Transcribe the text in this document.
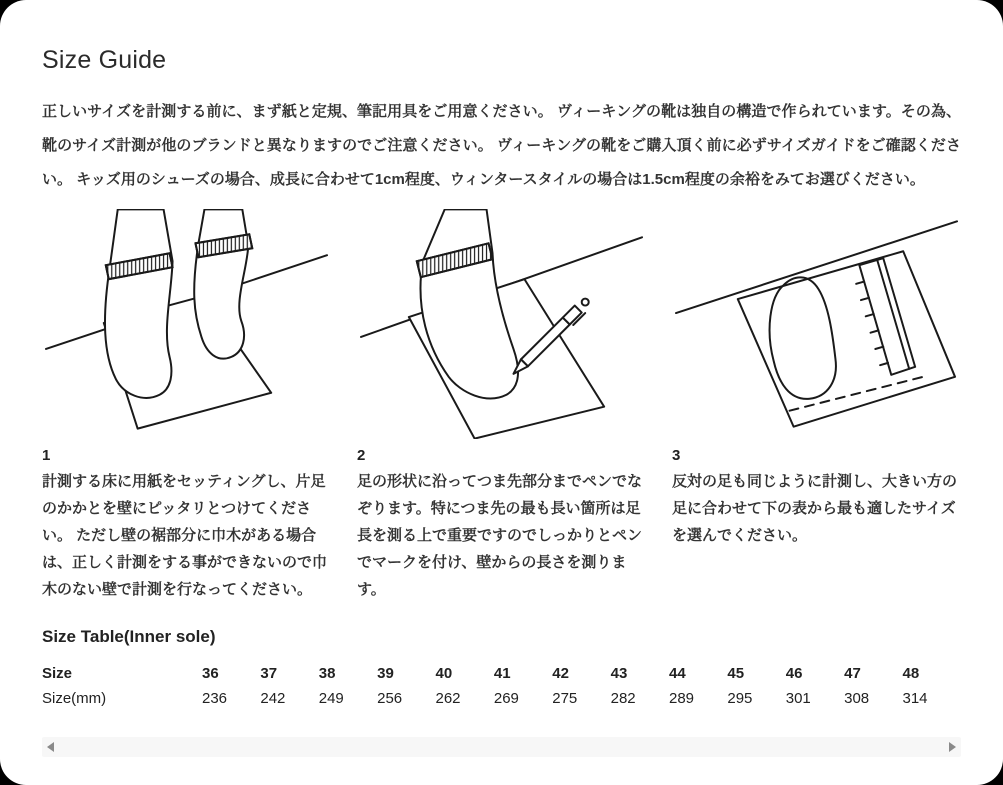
Size Guide
正しいサイズを計測する前に、まず紙と定規、筆記用具をご用意ください。 ヴィーキングの靴は独自の構造で作られています。その為、靴のサイズ計測が他のブランドと異なりますのでご注意ください。 ヴィーキングの靴をご購入頂く前に必ずサイズガイドをご確認ください。 キッズ用のシューズの場合、成長に合わせて1cm程度、ウィンタースタイルの場合は1.5cm程度の余裕をみてお選びください。
1
計測する床に用紙をセッティングし、片足のかかとを壁にピッタリとつけてください。 ただし壁の裾部分に巾木がある場合は、正しく計測をする事ができないので巾木のない壁で計測を行なってください。
2
足の形状に沿ってつま先部分までペンでなぞります。特につま先の最も長い箇所は足長を測る上で重要ですのでしっかりとペンでマークを付け、壁からの長さを測ります。
3
反対の足も同じように計測し、大きい方の足に合わせて下の表から最も適したサイズを選んでください。
Size Table(Inner sole)
Size	36	37	38	39	40	41	42	43	44	45	46	47	48
Size(mm)	236	242	249	256	262	269	275	282	289	295	301	308	314
